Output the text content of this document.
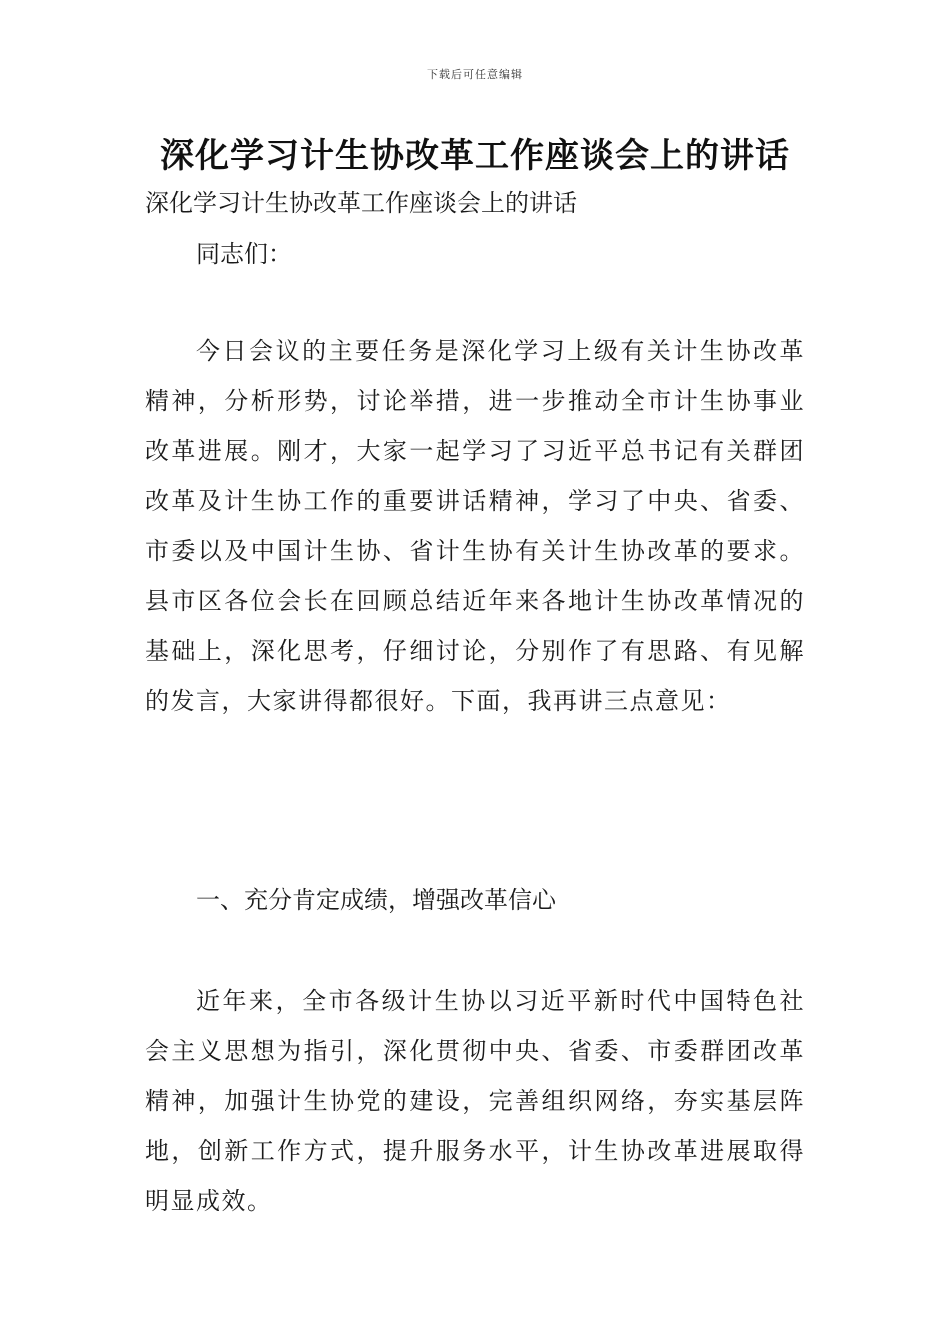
下载后可任意编辑
深化学习计生协改革工作座谈会上的讲话

深化学习计生协改革工作座谈会上的讲话

同志们：

今日会议的主要任务是深化学习上级有关计生协改革精神，分析形势，讨论举措，进一步推动全市计生协事业改革进展。刚才，大家一起学习了习近平总书记有关群团改革及计生协工作的重要讲话精神，学习了中央、省委、市委以及中国计生协、省计生协有关计生协改革的要求。县市区各位会长在回顾总结近年来各地计生协改革情况的基础上，深化思考，仔细讨论，分别作了有思路、有见解的发言，大家讲得都很好。下面，我再讲三点意见：

一、充分肯定成绩，增强改革信心

近年来，全市各级计生协以习近平新时代中国特色社会主义思想为指引，深化贯彻中央、省委、市委群团改革精神，加强计生协党的建设，完善组织网络，夯实基层阵地，创新工作方式，提升服务水平，计生协改革进展取得明显成效。
